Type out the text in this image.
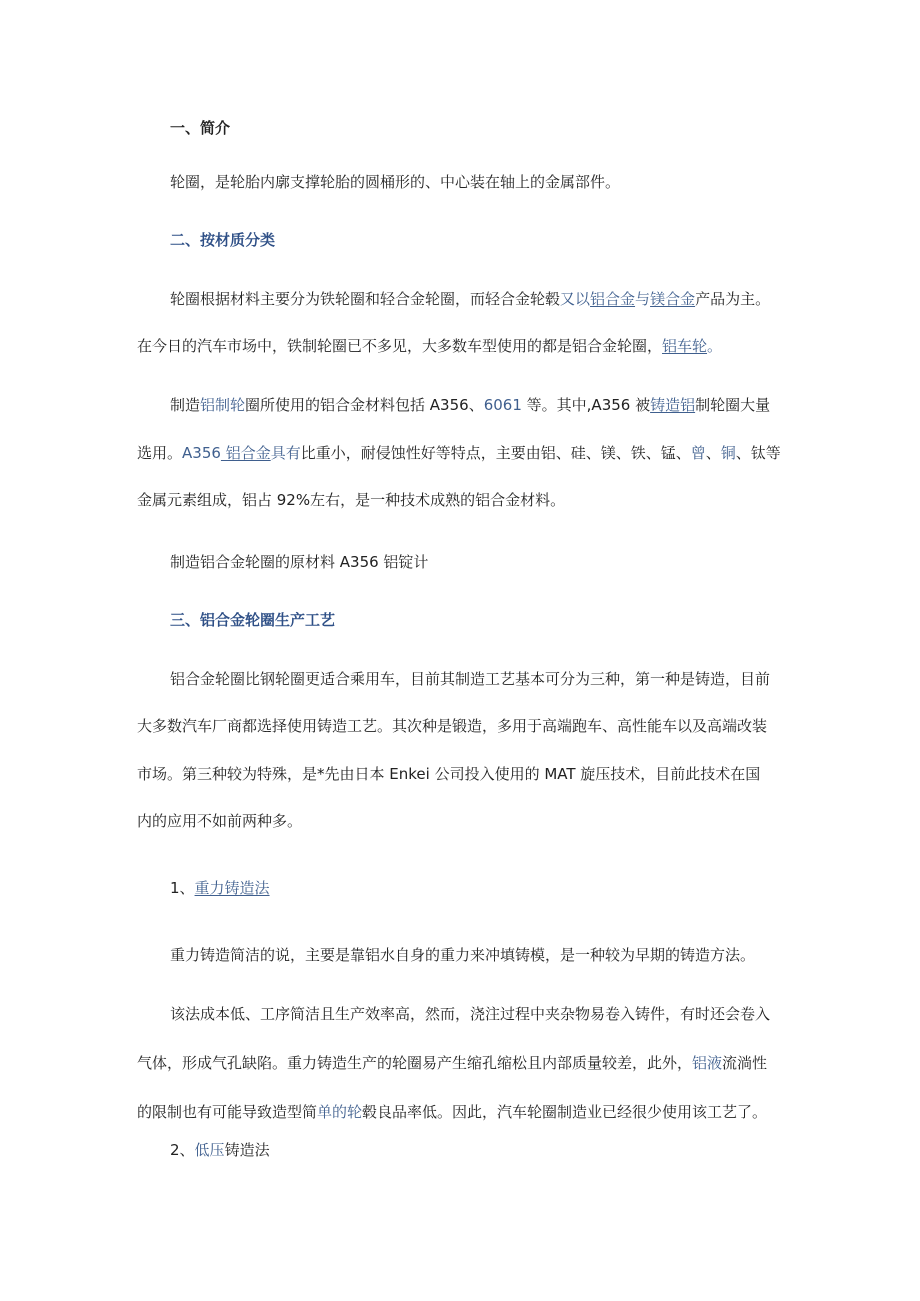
一、简介
轮圈，是轮胎内廓支撑轮胎的圆桶形的、中心装在轴上的金属部件。
二、按材质分类
轮圈根据材料主要分为铁轮圈和轻合金轮圈，而轻合金轮毂又以铝合金与镁合金产品为主。
在今日的汽车市场中，铁制轮圈已不多见，大多数车型使用的都是铝合金轮圈，铝车轮。
制造铝制轮圈所使用的铝合金材料包括 A356、6061 等。其中,A356 被铸造铝制轮圈大量
选用。A356 铝合金具有比重小，耐侵蚀性好等特点，主要由铝、硅、镁、铁、锰、曾、铜、钛等
金属元素组成，铝占 92%左右，是一种技术成熟的铝合金材料。
制造铝合金轮圈的原材料 A356 铝锭计
三、铝合金轮圈生产工艺
铝合金轮圈比钢轮圈更适合乘用车，目前其制造工艺基本可分为三种，第一种是铸造，目前
大多数汽车厂商都选择使用铸造工艺。其次种是锻造，多用于高端跑车、高性能车以及高端改装
市场。第三种较为特殊，是*先由日本 Enkei 公司投入使用的 MAT 旋压技术，目前此技术在国
内的应用不如前两种多。
1、重力铸造法
重力铸造简洁的说，主要是靠铝水自身的重力来冲填铸模，是一种较为早期的铸造方法。
该法成本低、工序简洁且生产效率高，然而，浇注过程中夹杂物易卷入铸件，有时还会卷入
气体，形成气孔缺陷。重力铸造生产的轮圈易产生缩孔缩松且内部质量较差，此外，铝液流淌性
的限制也有可能导致造型简单的轮毂良品率低。因此，汽车轮圈制造业已经很少使用该工艺了。
2、低压铸造法
